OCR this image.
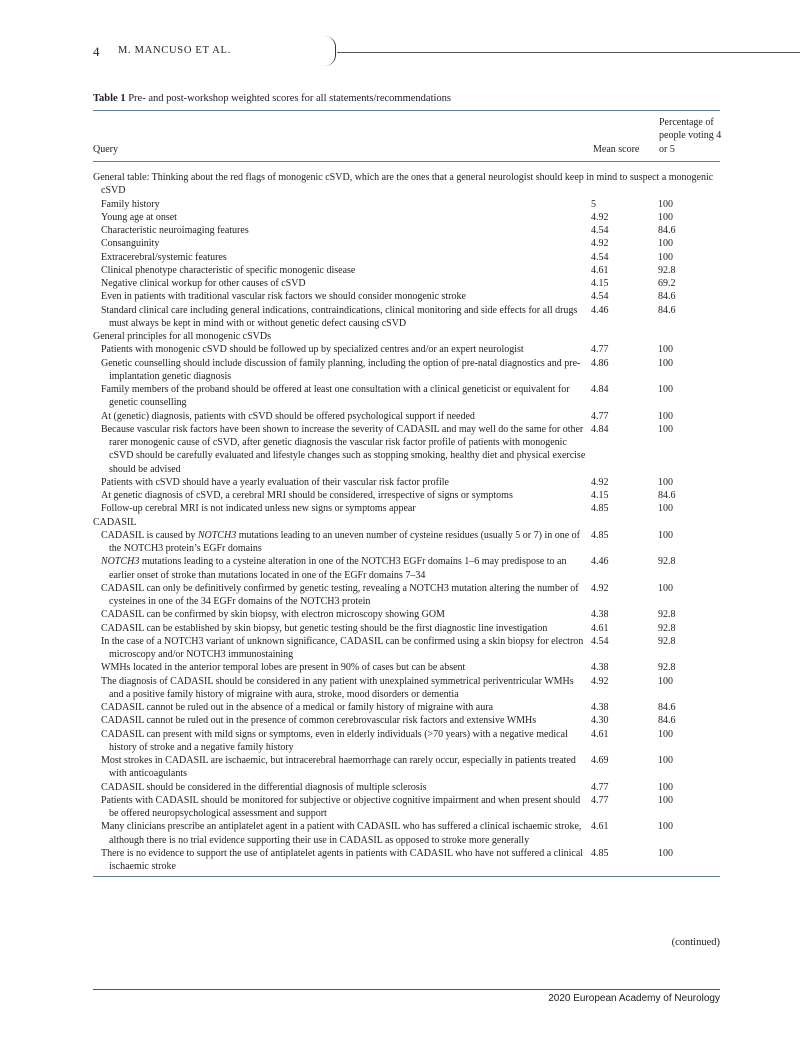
4 M. MANCUSO ET AL.
Table 1 Pre- and post-workshop weighted scores for all statements/recommendations
Query	Mean score
Percentage of people voting 4 or 5
General table: Thinking about the red flags of monogenic cSVD, which are the ones that a general neurologist should keep in mind to suspect a monogenic cSVD
Family history	5	100
Young age at onset	4.92	100
Characteristic neuroimaging features	4.54	84.6
Consanguinity	4.92	100
Extracerebral/systemic features	4.54	100
Clinical phenotype characteristic of specific monogenic disease	4.61	92.8
Negative clinical workup for other causes of cSVD	4.15	69.2
Even in patients with traditional vascular risk factors we should consider monogenic stroke	4.54	84.6
Standard clinical care including general indications, contraindications, clinical monitoring and side effects for all drugs must always be kept in mind with or without genetic defect causing cSVD
4.46	84.6
General principles for all monogenic cSVDs
Patients with monogenic cSVD should be followed up by specialized centres and/or an expert neurologist	4.77	100
Genetic counselling should include discussion of family planning, including the option of pre-natal diagnostics and pre-implantation genetic diagnosis
4.86	100
Family members of the proband should be offered at least one consultation with a clinical geneticist or equivalent for genetic counselling
4.84	100
At (genetic) diagnosis, patients with cSVD should be offered psychological support if needed	4.77	100
Because vascular risk factors have been shown to increase the severity of CADASIL and may well do the same for other rarer monogenic cause of cSVD, after genetic diagnosis the vascular risk factor profile of patients with monogenic cSVD should be carefully evaluated and lifestyle changes such as stopping smoking, healthy diet and physical exercise should be advised
4.84	100
Patients with cSVD should have a yearly evaluation of their vascular risk factor profile	4.92	100
At genetic diagnosis of cSVD, a cerebral MRI should be considered, irrespective of signs or symptoms	4.15	84.6
Follow-up cerebral MRI is not indicated unless new signs or symptoms appear	4.85	100
CADASIL
CADASIL is caused by NOTCH3 mutations leading to an uneven number of cysteine residues (usually 5 or 7) in one of the NOTCH3 protein’s EGFr domains
4.85	100
NOTCH3 mutations leading to a cysteine alteration in one of the NOTCH3 EGFr domains 1–6 may predispose to an earlier onset of stroke than mutations located in one of the EGFr domains 7–34
4.46	92.8
CADASIL can only be definitively confirmed by genetic testing, revealing a NOTCH3 mutation altering the number of cysteines in one of the 34 EGFr domains of the NOTCH3 protein
4.92	100
CADASIL can be confirmed by skin biopsy, with electron microscopy showing GOM	4.38	92.8
CADASIL can be established by skin biopsy, but genetic testing should be the first diagnostic line investigation	4.61	92.8
In the case of a NOTCH3 variant of unknown significance, CADASIL can be confirmed using a skin biopsy for electron microscopy and/or NOTCH3 immunostaining
4.54	92.8
WMHs located in the anterior temporal lobes are present in 90% of cases but can be absent	4.38	92.8
The diagnosis of CADASIL should be considered in any patient with unexplained symmetrical periventricular WMHs and a positive family history of migraine with aura, stroke, mood disorders or dementia
4.92	100
CADASIL cannot be ruled out in the absence of a medical or family history of migraine with aura	4.38	84.6
CADASIL cannot be ruled out in the presence of common cerebrovascular risk factors and extensive WMHs	4.30	84.6
CADASIL can present with mild signs or symptoms, even in elderly individuals (>70 years) with a negative medical history of stroke and a negative family history
4.61	100
Most strokes in CADASIL are ischaemic, but intracerebral haemorrhage can rarely occur, especially in patients treated with anticoagulants
4.69	100
CADASIL should be considered in the differential diagnosis of multiple sclerosis	4.77	100
Patients with CADASIL should be monitored for subjective or objective cognitive impairment and when present should be offered neuropsychological assessment and support
4.77	100
Many clinicians prescribe an antiplatelet agent in a patient with CADASIL who has suffered a clinical ischaemic stroke, although there is no trial evidence supporting their use in CADASIL as opposed to stroke more generally
4.61	100
There is no evidence to support the use of antiplatelet agents in patients with CADASIL who have not suffered a clinical ischaemic stroke
4.85	100
(continued)
2020 European Academy of Neurology
